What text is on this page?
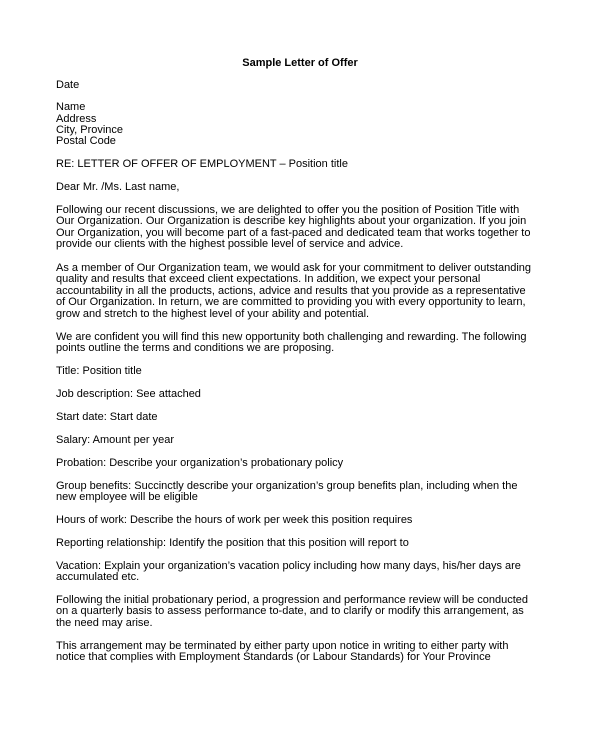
Sample Letter of Offer

Date

Name

Address

City, Province

Postal Code

RE: LETTER OF OFFER OF EMPLOYMENT – Position title

Dear Mr. /Ms. Last name,

Following our recent discussions, we are delighted to offer you the position of Position Title with
Our Organization. Our Organization is describe key highlights about your organization. If you join
Our Organization, you will become part of a fast-paced and dedicated team that works together to
provide our clients with the highest possible level of service and advice.

As a member of Our Organization team, we would ask for your commitment to deliver outstanding
quality and results that exceed client expectations. In addition, we expect your personal
accountability in all the products, actions, advice and results that you provide as a representative
of Our Organization. In return, we are committed to providing you with every opportunity to learn,
grow and stretch to the highest level of your ability and potential.

We are confident you will find this new opportunity both challenging and rewarding. The following
points outline the terms and conditions we are proposing.

Title: Position title

Job description: See attached

Start date: Start date

Salary: Amount per year

Probation: Describe your organization’s probationary policy

Group benefits: Succinctly describe your organization’s group benefits plan, including when the
new employee will be eligible

Hours of work: Describe the hours of work per week this position requires

Reporting relationship: Identify the position that this position will report to

Vacation: Explain your organization’s vacation policy including how many days, his/her days are
accumulated etc.

Following the initial probationary period, a progression and performance review will be conducted
on a quarterly basis to assess performance to-date, and to clarify or modify this arrangement, as
the need may arise.

This arrangement may be terminated by either party upon notice in writing to either party with
notice that complies with Employment Standards (or Labour Standards) for Your Province
